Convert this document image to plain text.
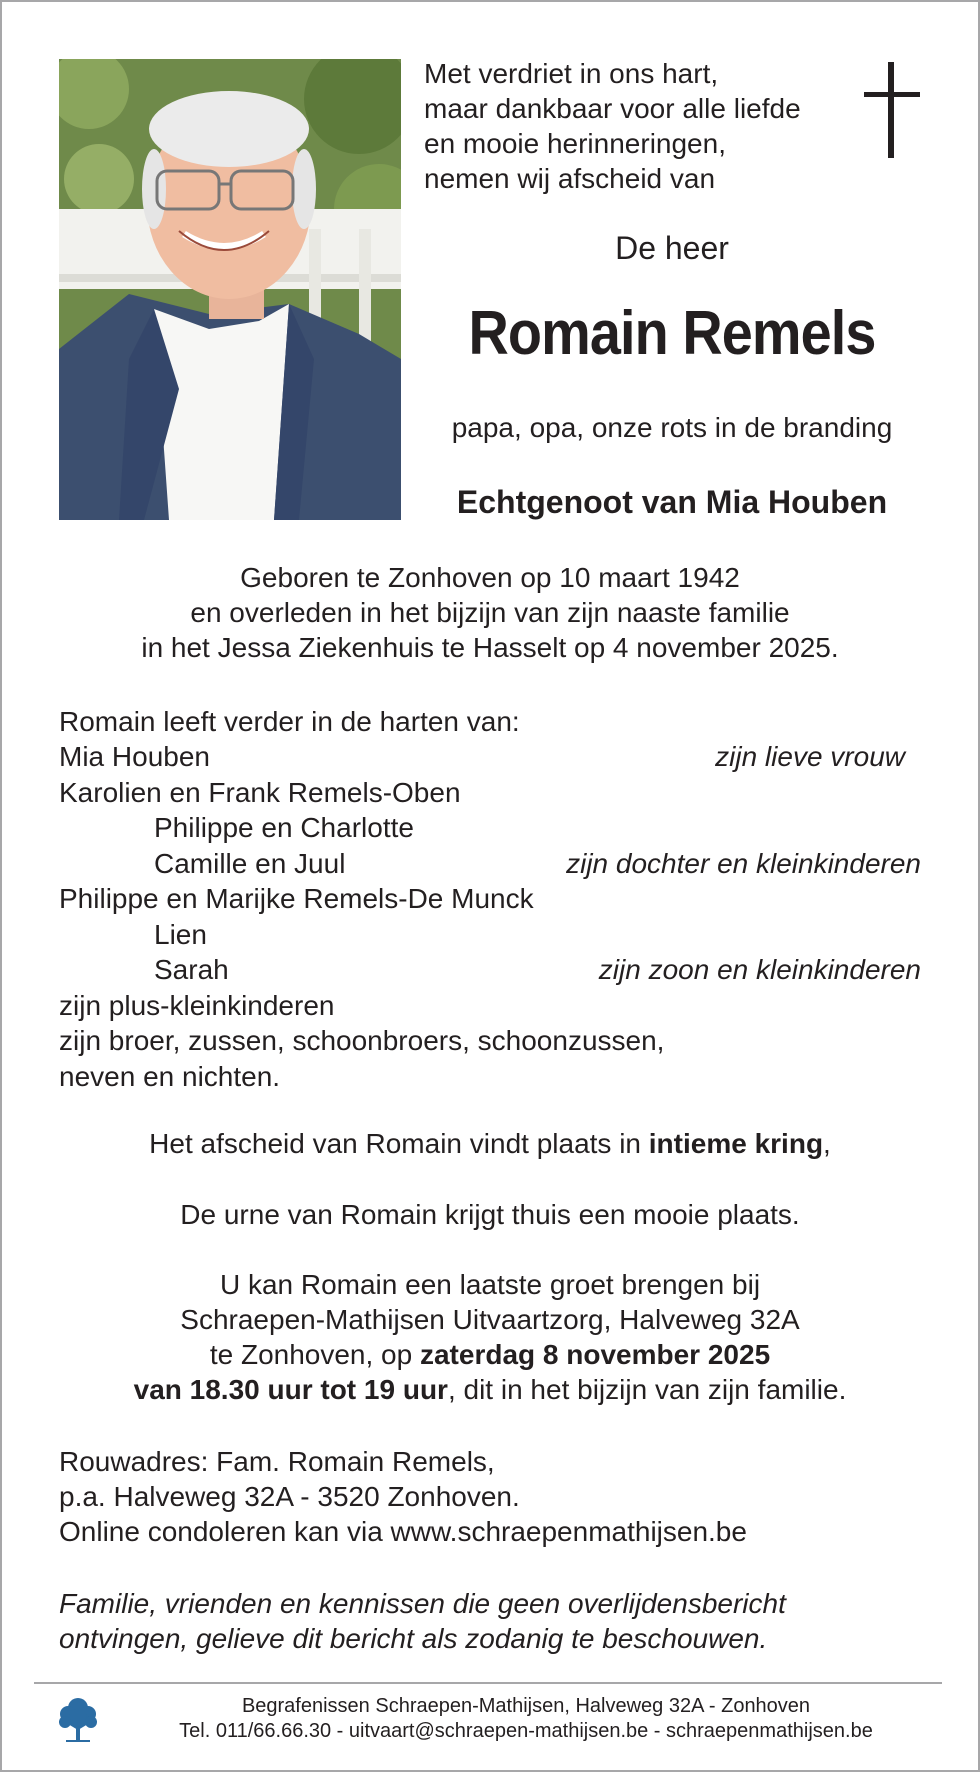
Met verdriet in ons hart,
maar dankbaar voor alle liefde
en mooie herinneringen,
nemen wij afscheid van
De heer
Romain Remels
papa, opa, onze rots in de branding
Echtgenoot van Mia Houben
Geboren te Zonhoven op 10 maart 1942
en overleden in het bijzijn van zijn naaste familie
in het Jessa Ziekenhuis te Hasselt op 4 november 2025.
Romain leeft verder in de harten van:
Mia Houben	zijn lieve vrouw
Karolien en Frank Remels-Oben
Philippe en Charlotte
Camille en Juul	zijn dochter en kleinkinderen
Philippe en Marijke Remels-De Munck
Lien
Sarah	zijn zoon en kleinkinderen
zijn plus-kleinkinderen
zijn broer, zussen, schoonbroers, schoonzussen,
neven en nichten.
Het afscheid van Romain vindt plaats in intieme kring,
De urne van Romain krijgt thuis een mooie plaats.
U kan Romain een laatste groet brengen bij
Schraepen-Mathijsen Uitvaartzorg, Halveweg 32A
te Zonhoven, op zaterdag 8 november 2025
van 18.30 uur tot 19 uur, dit in het bijzijn van zijn familie.
Rouwadres: Fam. Romain Remels,
p.a. Halveweg 32A - 3520 Zonhoven.
Online condoleren kan via www.schraepenmathijsen.be
Familie, vrienden en kennissen die geen overlijdensbericht
ontvingen, gelieve dit bericht als zodanig te beschouwen.
Begrafenissen Schraepen-Mathijsen, Halveweg 32A - Zonhoven
Tel. 011/66.66.30 - uitvaart@schraepen-mathijsen.be - schraepenmathijsen.be
